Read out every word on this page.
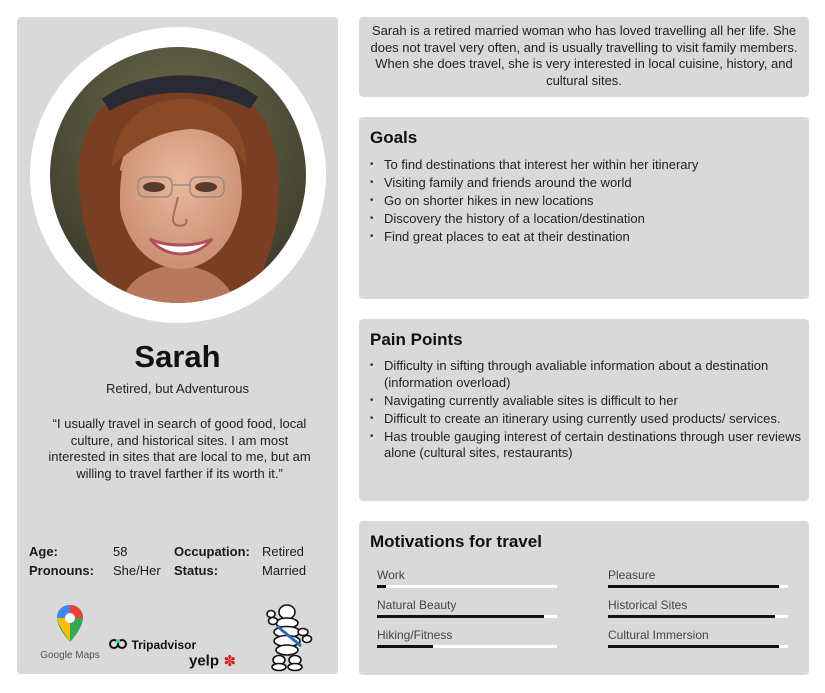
Sarah
Retired, but Adventurous
“I usually travel in search of good food, local culture, and historical sites. I am most interested in sites that are local to me, but am willing to travel farther if its worth it.”
Age:	58
Pronouns: She/Her
Occupation: Retired
Status:	Married
Google Maps
Tripadvisor
yelp ✽
Sarah is a retired married woman who has loved travelling all her life. She does not travel very often, and is usually travelling to visit family members. When she does travel, she is very interested in local cuisine, history, and cultural sites.
Goals
• To find destinations that interest her within her itinerary
• Visiting family and friends around the world
• Go on shorter hikes in new locations
• Discovery the history of a location/destination
• Find great places to eat at their destination
Pain Points
• Difficulty in sifting through avaliable information about a destination (information overload)
• Navigating currently avaliable sites is difficult to her
• Difficult to create an itinerary using currently used products/ services.
• Has trouble gauging interest of certain destinations through user reviews alone (cultural sites, restaurants)
Motivations for travel
Work	Pleasure
Natural Beauty	Historical Sites
Hiking/Fitness	Cultural Immersion
